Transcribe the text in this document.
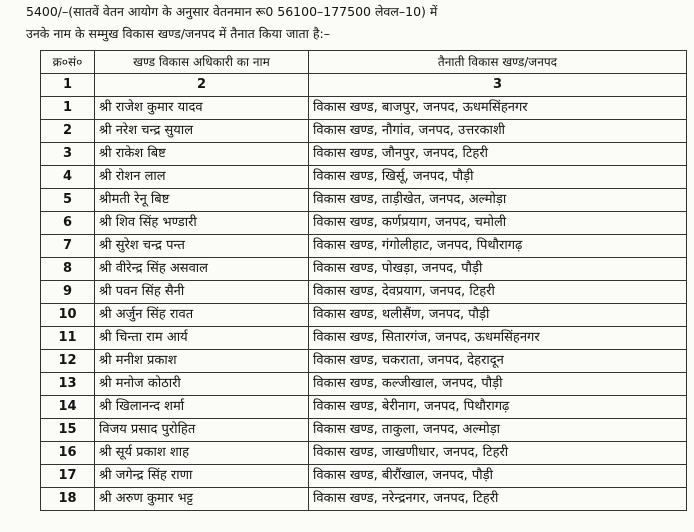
5400/–(सातवें वेतन आयोग के अनुसार वेतनमान रू0 56100–177500 लेवल–10) में
उनके नाम के सम्मुख विकास खण्ड/जनपद में तैनात किया जाता है:–
क्र०सं०	खण्ड विकास अधिकारी का नाम	तैनाती विकास खण्ड/जनपद
1	2	3
1	श्री राजेश कुमार यादव	विकास खण्ड, बाजपुर, जनपद, ऊधमसिंहनगर
2	श्री नरेश चन्द्र सुयाल	विकास खण्ड, नौगांव, जनपद, उत्तरकाशी
3	श्री राकेश बिष्ट	विकास खण्ड, जौनपुर, जनपद, टिहरी
4	श्री रोशन लाल	विकास खण्ड, खिर्सू, जनपद, पौड़ी
5	श्रीमती रेनू बिष्ट	विकास खण्ड, ताड़ीखेत, जनपद, अल्मोड़ा
6	श्री शिव सिंह भण्डारी	विकास खण्ड, कर्णप्रयाग, जनपद, चमोली
7	श्री सुरेश चन्द्र पन्त	विकास खण्ड, गंगोलीहाट, जनपद, पिथौरागढ़
8	श्री वीरेन्द्र सिंह असवाल	विकास खण्ड, पोखड़ा, जनपद, पौड़ी
9	श्री पवन सिंह सैनी	विकास खण्ड, देवप्रयाग, जनपद, टिहरी
10	श्री अर्जुन सिंह रावत	विकास खण्ड, थलीसैंण, जनपद, पौड़ी
11	श्री चिन्ता राम आर्य	विकास खण्ड, सितारगंज, जनपद, ऊधमसिंहनगर
12	श्री मनीश प्रकाश	विकास खण्ड, चकराता, जनपद, देहरादून
13	श्री मनोज कोठारी	विकास खण्ड, कल्जीखाल, जनपद, पौड़ी
14	श्री खिलानन्द शर्मा	विकास खण्ड, बेरीनाग, जनपद, पिथौरागढ़
15	विजय प्रसाद पुरोहित	विकास खण्ड, ताकुला, जनपद, अल्मोड़ा
16	श्री सूर्य प्रकाश शाह	विकास खण्ड, जाखणीधार, जनपद, टिहरी
17	श्री जगेन्द्र सिंह राणा	विकास खण्ड, बीरौंखाल, जनपद, पौड़ी
18	श्री अरुण कुमार भट्ट	विकास खण्ड, नरेन्द्रनगर, जनपद, टिहरी
